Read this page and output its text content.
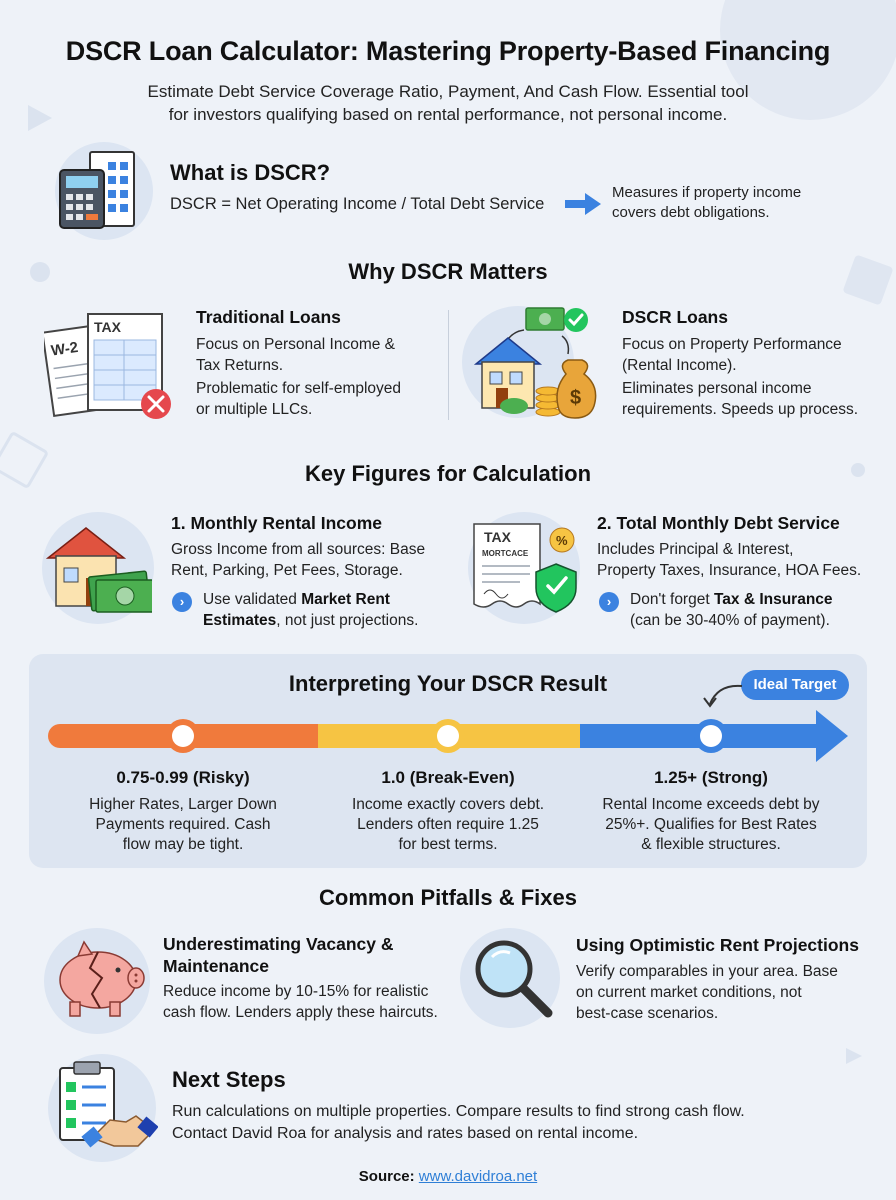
DSCR Loan Calculator: Mastering Property-Based Financing
Estimate Debt Service Coverage Ratio, Payment, And Cash Flow. Essential tool
for investors qualifying based on rental performance, not personal income.
What is DSCR?
DSCR = Net Operating Income / Total Debt Service
Measures if property income
covers debt obligations.
Why DSCR Matters
W-2
TAX	Traditional Loans
Focus on Personal Income &
Tax Returns.
Problematic for self-employed
or multiple LLCs.
$
DSCR Loans
Focus on Property Performance
(Rental Income).
Eliminates personal income
requirements. Speeds up process.
Key Figures for Calculation
1. Monthly Rental Income
Gross Income from all sources: Base
Rent, Parking, Pet Fees, Storage.
›	Use validated Market Rent
Estimates, not just projections.
TAX
MORTCACE
%
2. Total Monthly Debt Service
Includes Principal & Interest,
Property Taxes, Insurance, HOA Fees.
›	Don't forget Tax & Insurance
(can be 30-40% of payment).
Interpreting Your DSCR Result	Ideal Target
0.75-0.99 (Risky)
Higher Rates, Larger Down
Payments required. Cash
flow may be tight.
1.0 (Break-Even)
Income exactly covers debt.
Lenders often require 1.25
for best terms.
1.25+ (Strong)
Rental Income exceeds debt by
25%+. Qualifies for Best Rates
& flexible structures.
Common Pitfalls & Fixes
Underestimating Vacancy &
Maintenance
Reduce income by 10-15% for realistic
cash flow. Lenders apply these haircuts.
Using Optimistic Rent Projections
Verify comparables in your area. Base
on current market conditions, not
best-case scenarios.
Next Steps
Run calculations on multiple properties. Compare results to find strong cash flow.
Contact David Roa for analysis and rates based on rental income.
Source: www.davidroa.net
